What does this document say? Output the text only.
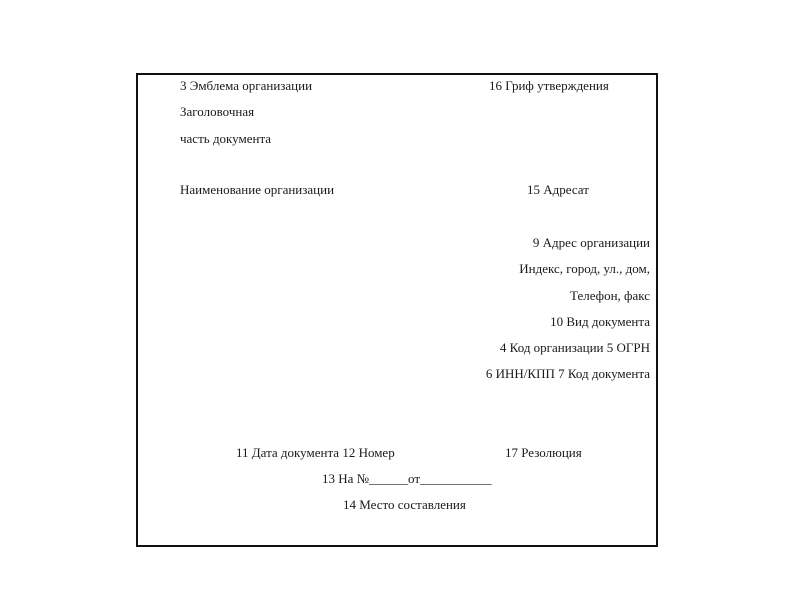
3 Эмблема организации	16 Гриф утверждения
Заголовочная
часть документа
Наименование организации	15 Адресат
9 Адрес организации
Индекс, город, ул., дом,
Телефон, факс
10 Вид документа
4 Код организации 5 ОГРН
6 ИНН/КПП 7 Код документа
11 Дата документа 12 Номер	17 Резолюция
13 На №______от___________
14 Место составления
